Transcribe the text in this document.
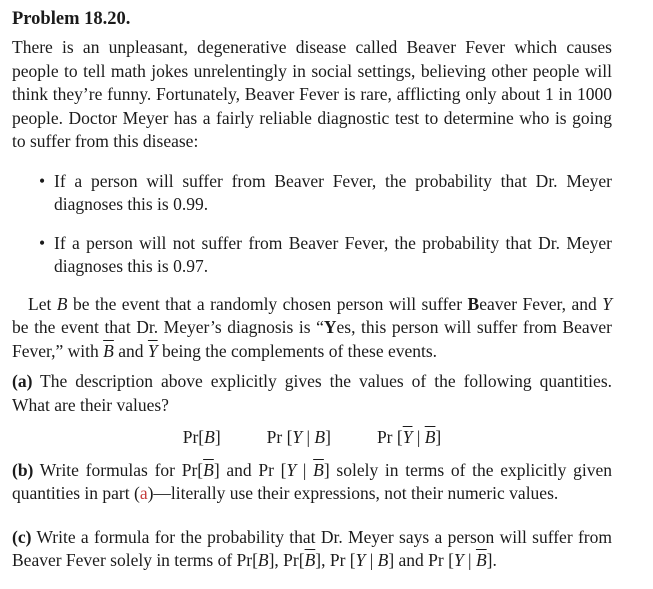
Problem 18.20.

There is an unpleasant, degenerative disease called Beaver Fever which causes people to tell math jokes unrelentingly in social settings, believing other people will think they’re funny. Fortunately, Beaver Fever is rare, afflicting only about 1 in 1000 people. Doctor Meyer has a fairly reliable diagnostic test to determine who is going to suffer from this disease:

• If a person will suffer from Beaver Fever, the probability that Dr. Meyer diagnoses this is 0.99.
• If a person will not suffer from Beaver Fever, the probability that Dr. Meyer diagnoses this is 0.97.

Let B be the event that a randomly chosen person will suffer Beaver Fever, and Y be the event that Dr. Meyer’s diagnosis is “Yes, this person will suffer from Beaver Fever,” with $\overline{B}$ and $\overline{Y}$ being the complements of these events.

(a) The description above explicitly gives the values of the following quantities. What are their values?

Pr[B]	Pr [Y | B]	Pr [$\overline{Y}$ | $\overline{B}$]

(b) Write formulas for $Pr[\overline{B}]$ and Pr [Y | $\overline{B}$] solely in terms of the explicitly given quantities in part (a)—literally use their expressions, not their numeric values.

(c) Write a formula for the probability that Dr. Meyer says a person will suffer from Beaver Fever solely in terms of Pr[B], $Pr[\overline{B}]$, Pr [Y | B] and Pr [Y | $\overline{B}$].
